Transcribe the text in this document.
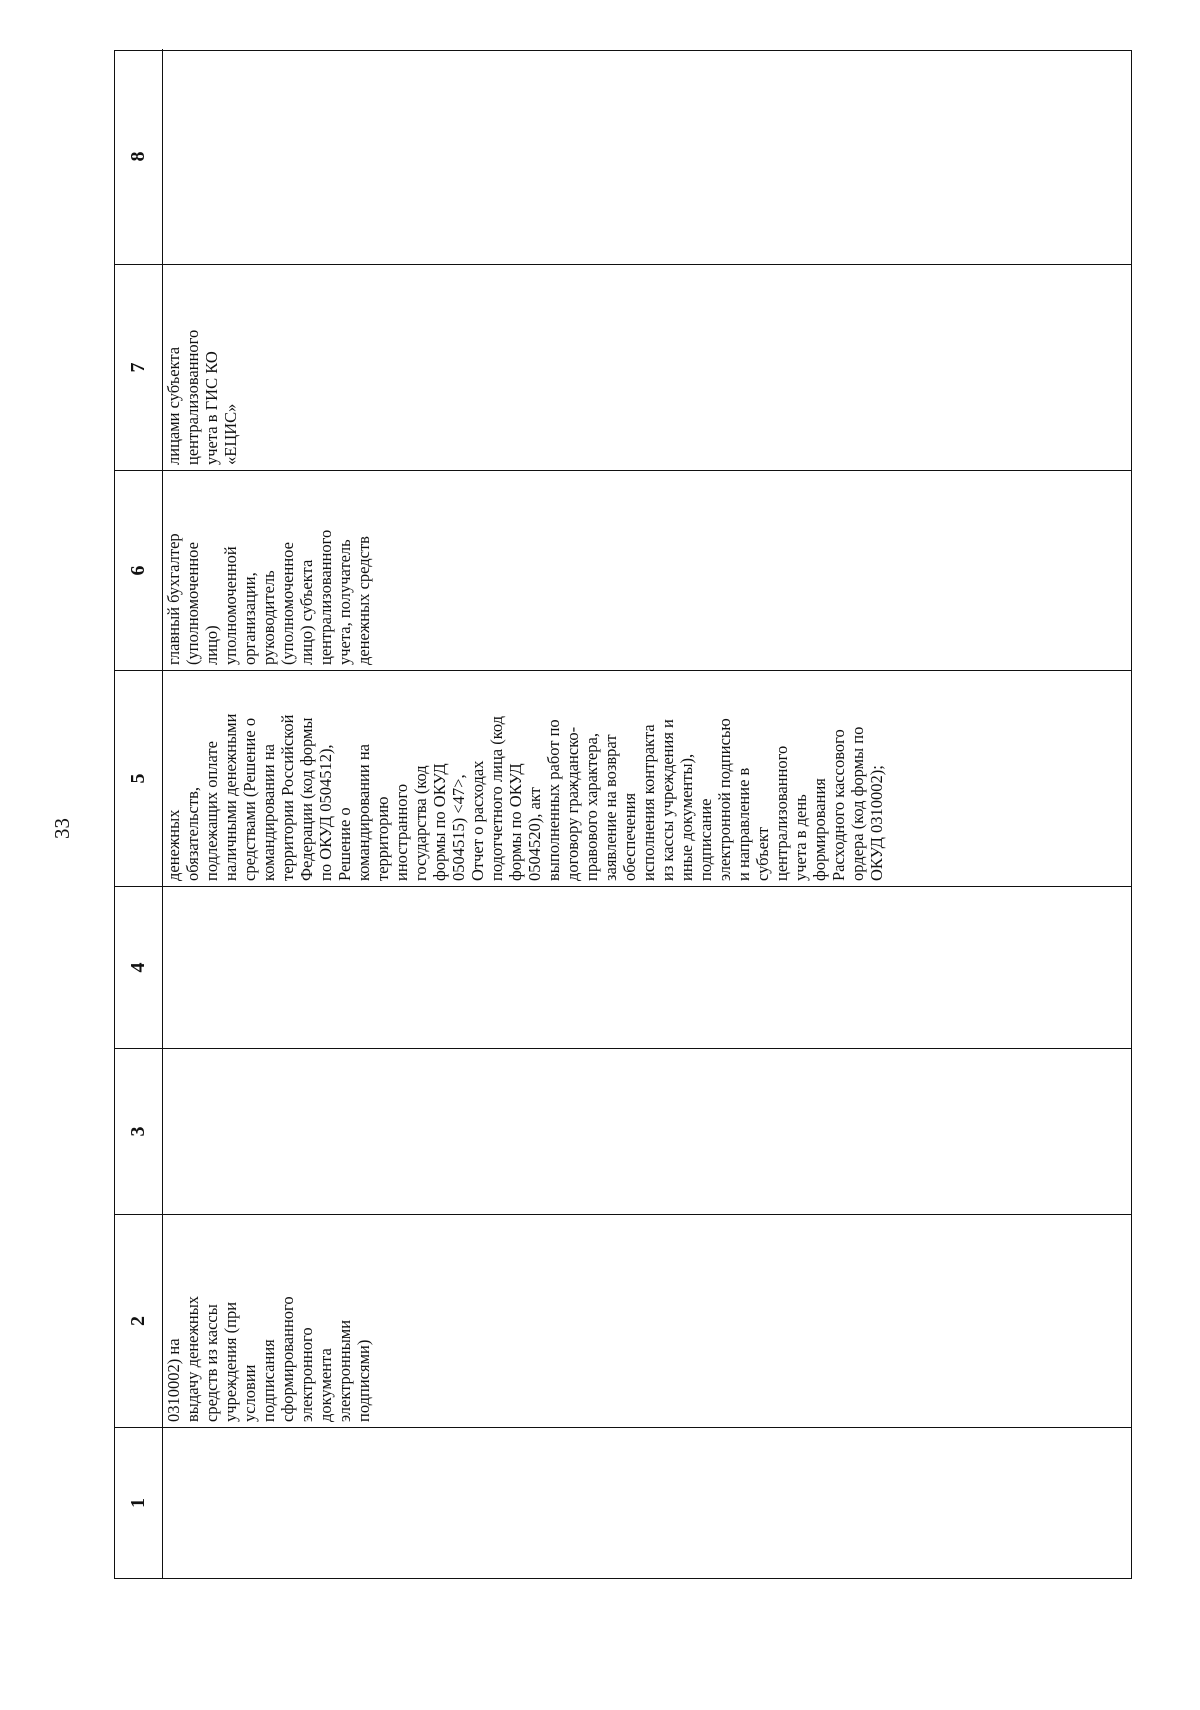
33
1
2
0310002) на выдачу денежных средств из кассы учреждения (при условии подписания сформированного электронного документа электронными подписями)
3
4
5
денежных обязательств, подлежащих оплате наличными денежными средствами (Решение о командировании на территории Российской Федерации (код формы по ОКУД 0504512), Решение о командировании на территорию иностранного государства (код формы по ОКУД 0504515) <47>, Отчет о расходах подотчетного лица (код формы по ОКУД 0504520), акт выполненных работ по договору гражданско- правового характера, заявление на возврат обеспечения исполнения контракта из кассы учреждения и иные документы), подписание электронной подписью и направление в субъект централизованного учета в день формирования Расходного кассового ордера (код формы по ОКУД 0310002);
6 главный бухгалтер (уполномоченное лицо) уполномоченной организации, руководитель (уполномоченное лицо) субъекта централизованного учета, получатель денежных средств
7 лицами субъекта централизованного учета в ГИС КО «ЕЦИС»
8
